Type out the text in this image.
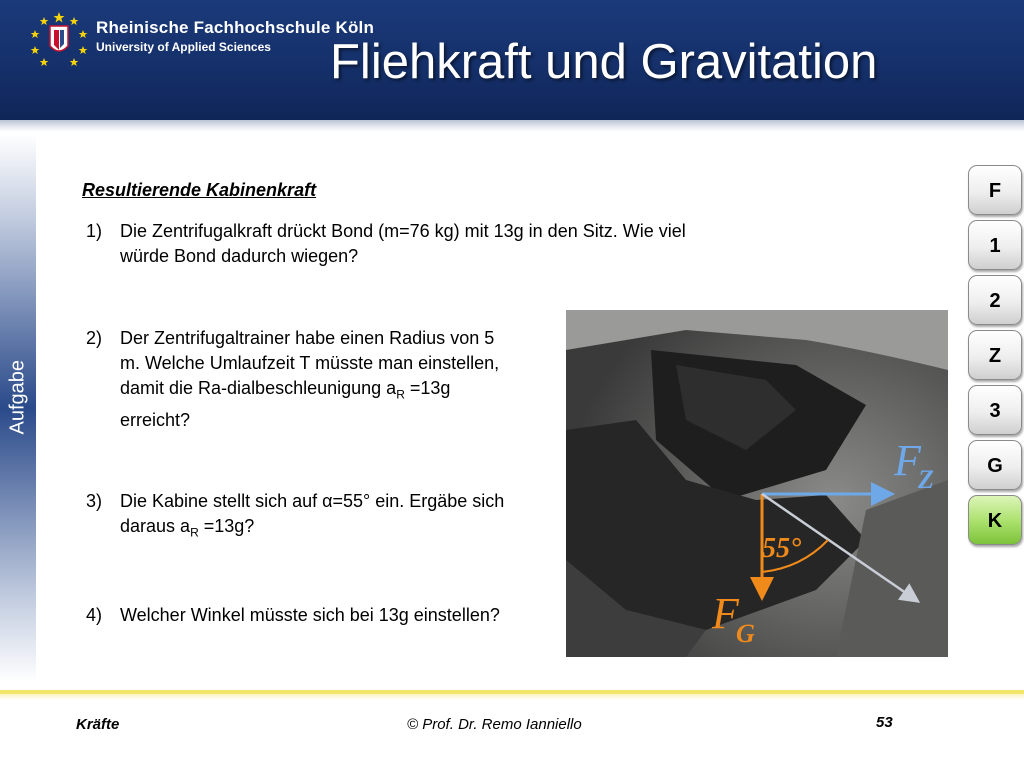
Rheinische Fachhochschule Köln
University of Applied Sciences Fliehkraft und Gravitation
Aufgabe
Resultierende Kabinenkraft
1) Die Zentrifugalkraft drückt Bond (m=76 kg) mit 13g in den Sitz. Wie viel würde Bond dadurch wiegen?
2) Der Zentrifugaltrainer habe einen Radius von 5 m. Welche Umlaufzeit T müsste man einstellen, damit die Ra-dialbeschleunigung $a_R =13g$ erreicht?
3) Die Kabine stellt sich auf α=55° ein. Ergäbe sich daraus $a_R =13g$?
4) Welcher Winkel müsste sich bei 13g einstellen?
55°
F
Z
F
G
F
1
2
Z
3
G
K
Kräfte	© Prof. Dr. Remo Ianniello	53
